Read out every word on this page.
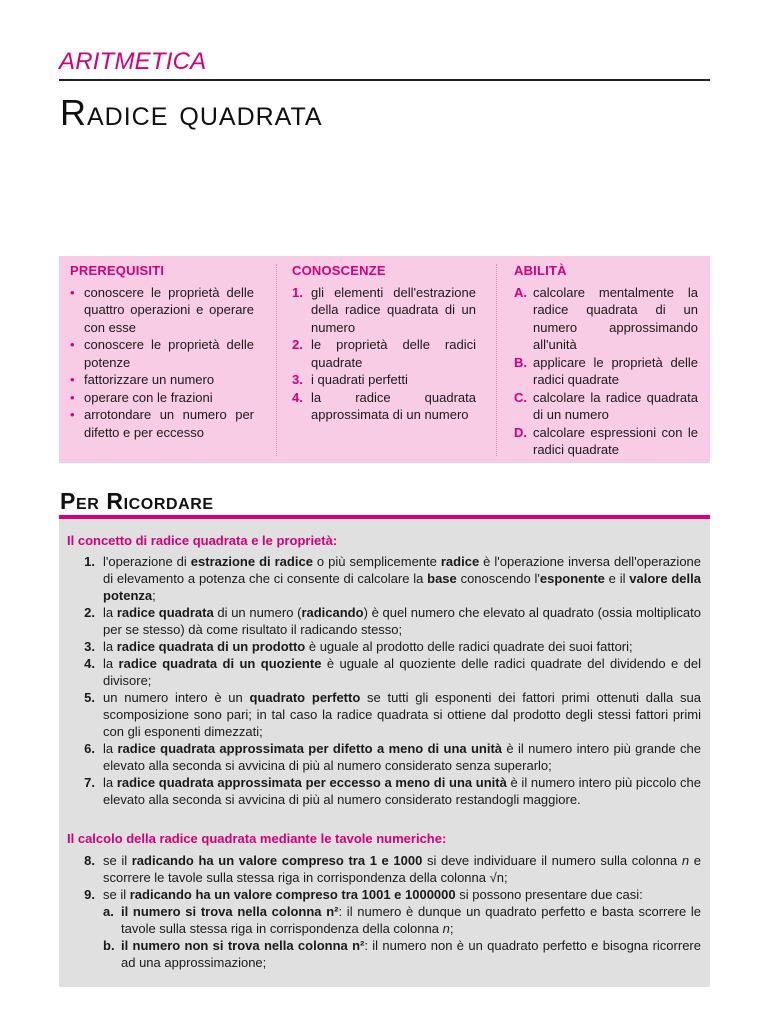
ARITMETICA
Radice quadrata
PREREQUISITI
• conoscere le proprietà delle quattro operazioni e operare con esse
• conoscere le proprietà delle potenze
• fattorizzare un numero
• operare con le frazioni
• arrotondare un numero per difetto e per eccesso
CONOSCENZE
1. gli elementi dell'estrazione della radice quadrata di un numero
2. le proprietà delle radici quadrate
3. i quadrati perfetti
4. la radice quadrata approssimata di un numero
ABILITÀ
A. calcolare mentalmente la radice quadrata di un numero approssimando all'unità
B. applicare le proprietà delle radici quadrate
C. calcolare la radice quadrata di un numero
D. calcolare espressioni con le radici quadrate
Per Ricordare
Il concetto di radice quadrata e le proprietà:
1. l'operazione di estrazione di radice o più semplicemente radice è l'operazione inversa dell'operazione di elevamento a potenza che ci consente di calcolare la base conoscendo l'esponente e il valore della potenza;
2. la radice quadrata di un numero (radicando) è quel numero che elevato al quadrato (ossia moltiplicato per se stesso) dà come risultato il radicando stesso;
3. la radice quadrata di un prodotto è uguale al prodotto delle radici quadrate dei suoi fattori;
4. la radice quadrata di un quoziente è uguale al quoziente delle radici quadrate del dividendo e del divisore;
5. un numero intero è un quadrato perfetto se tutti gli esponenti dei fattori primi ottenuti dalla sua scomposizione sono pari; in tal caso la radice quadrata si ottiene dal prodotto degli stessi fattori primi con gli esponenti dimezzati;
6. la radice quadrata approssimata per difetto a meno di una unità è il numero intero più grande che elevato alla seconda si avvicina di più al numero considerato senza superarlo;
7. la radice quadrata approssimata per eccesso a meno di una unità è il numero intero più piccolo che elevato alla seconda si avvicina di più al numero considerato restandogli maggiore.
Il calcolo della radice quadrata mediante le tavole numeriche:
8. se il radicando ha un valore compreso tra 1 e 1000 si deve individuare il numero sulla colonna n e scorrere le tavole sulla stessa riga in corrispondenza della colonna √n;
9. se il radicando ha un valore compreso tra 1001 e 1000000 si possono presentare due casi:
a. il numero si trova nella colonna n²: il numero è dunque un quadrato perfetto e basta scorrere le tavole sulla stessa riga in corrispondenza della colonna n;
b. il numero non si trova nella colonna n²: il numero non è un quadrato perfetto e bisogna ricorrere ad una approssimazione;
